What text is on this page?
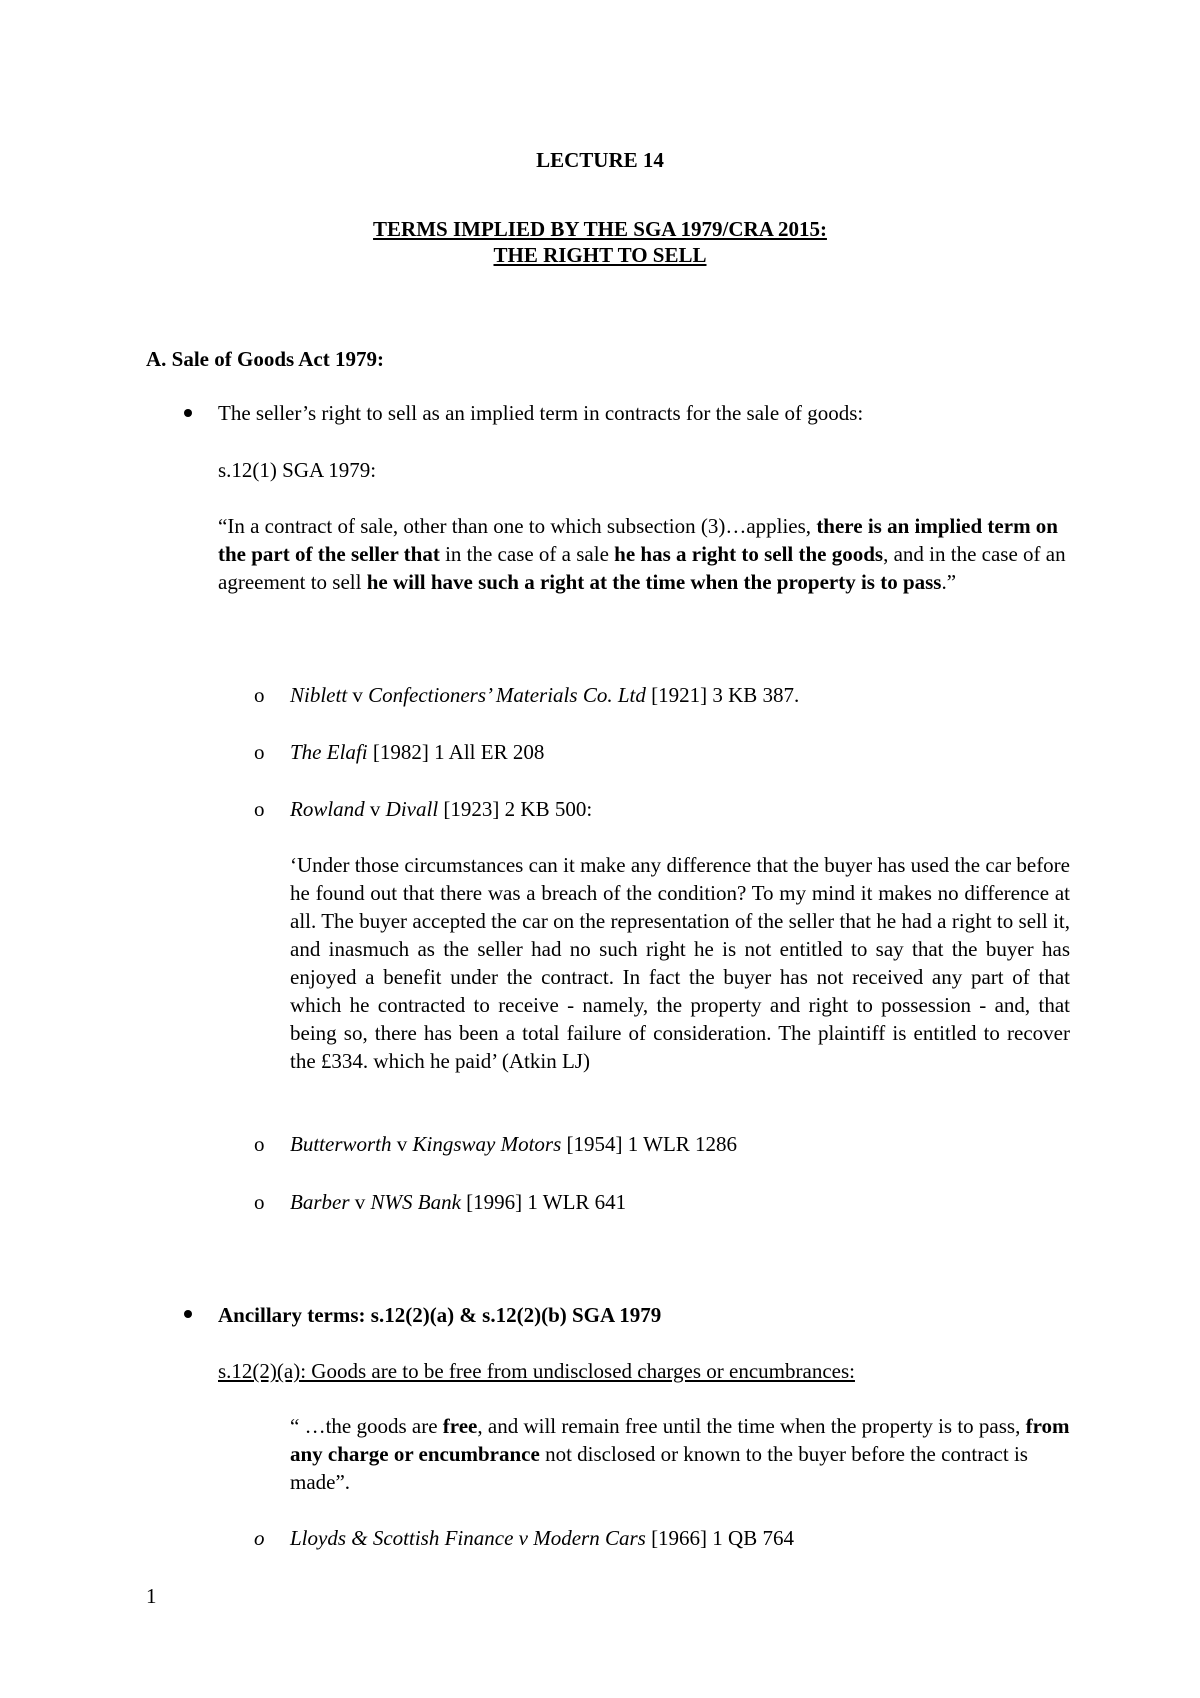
LECTURE 14
TERMS IMPLIED BY THE SGA 1979/CRA 2015:
THE RIGHT TO SELL
A. Sale of Goods Act 1979:
The seller’s right to sell as an implied term in contracts for the sale of goods:
s.12(1) SGA 1979:
“In a contract of sale, other than one to which subsection (3)…applies, there is an implied term on the part of the seller that in the case of a sale he has a right to sell the goods, and in the case of an agreement to sell he will have such a right at the time when the property is to pass.”
o Niblett v Confectioners’ Materials Co. Ltd [1921] 3 KB 387.
o The Elafi [1982] 1 All ER 208
o Rowland v Divall [1923] 2 KB 500:
‘Under those circumstances can it make any difference that the buyer has used the car before he found out that there was a breach of the condition? To my mind it makes no difference at all. The buyer accepted the car on the representation of the seller that he had a right to sell it, and inasmuch as the seller had no such right he is not entitled to say that the buyer has enjoyed a benefit under the contract. In fact the buyer has not received any part of that which he contracted to receive - namely, the property and right to possession - and, that being so, there has been a total failure of consideration. The plaintiff is entitled to recover the £334. which he paid’ (Atkin LJ)
o Butterworth v Kingsway Motors [1954] 1 WLR 1286
o Barber v NWS Bank [1996] 1 WLR 641
Ancillary terms: s.12(2)(a) & s.12(2)(b) SGA 1979
s.12(2)(a): Goods are to be free from undisclosed charges or encumbrances:
“ …the goods are free, and will remain free until the time when the property is to pass, from any charge or encumbrance not disclosed or known to the buyer before the contract is made”.
o Lloyds & Scottish Finance v Modern Cars [1966] 1 QB 764
1
